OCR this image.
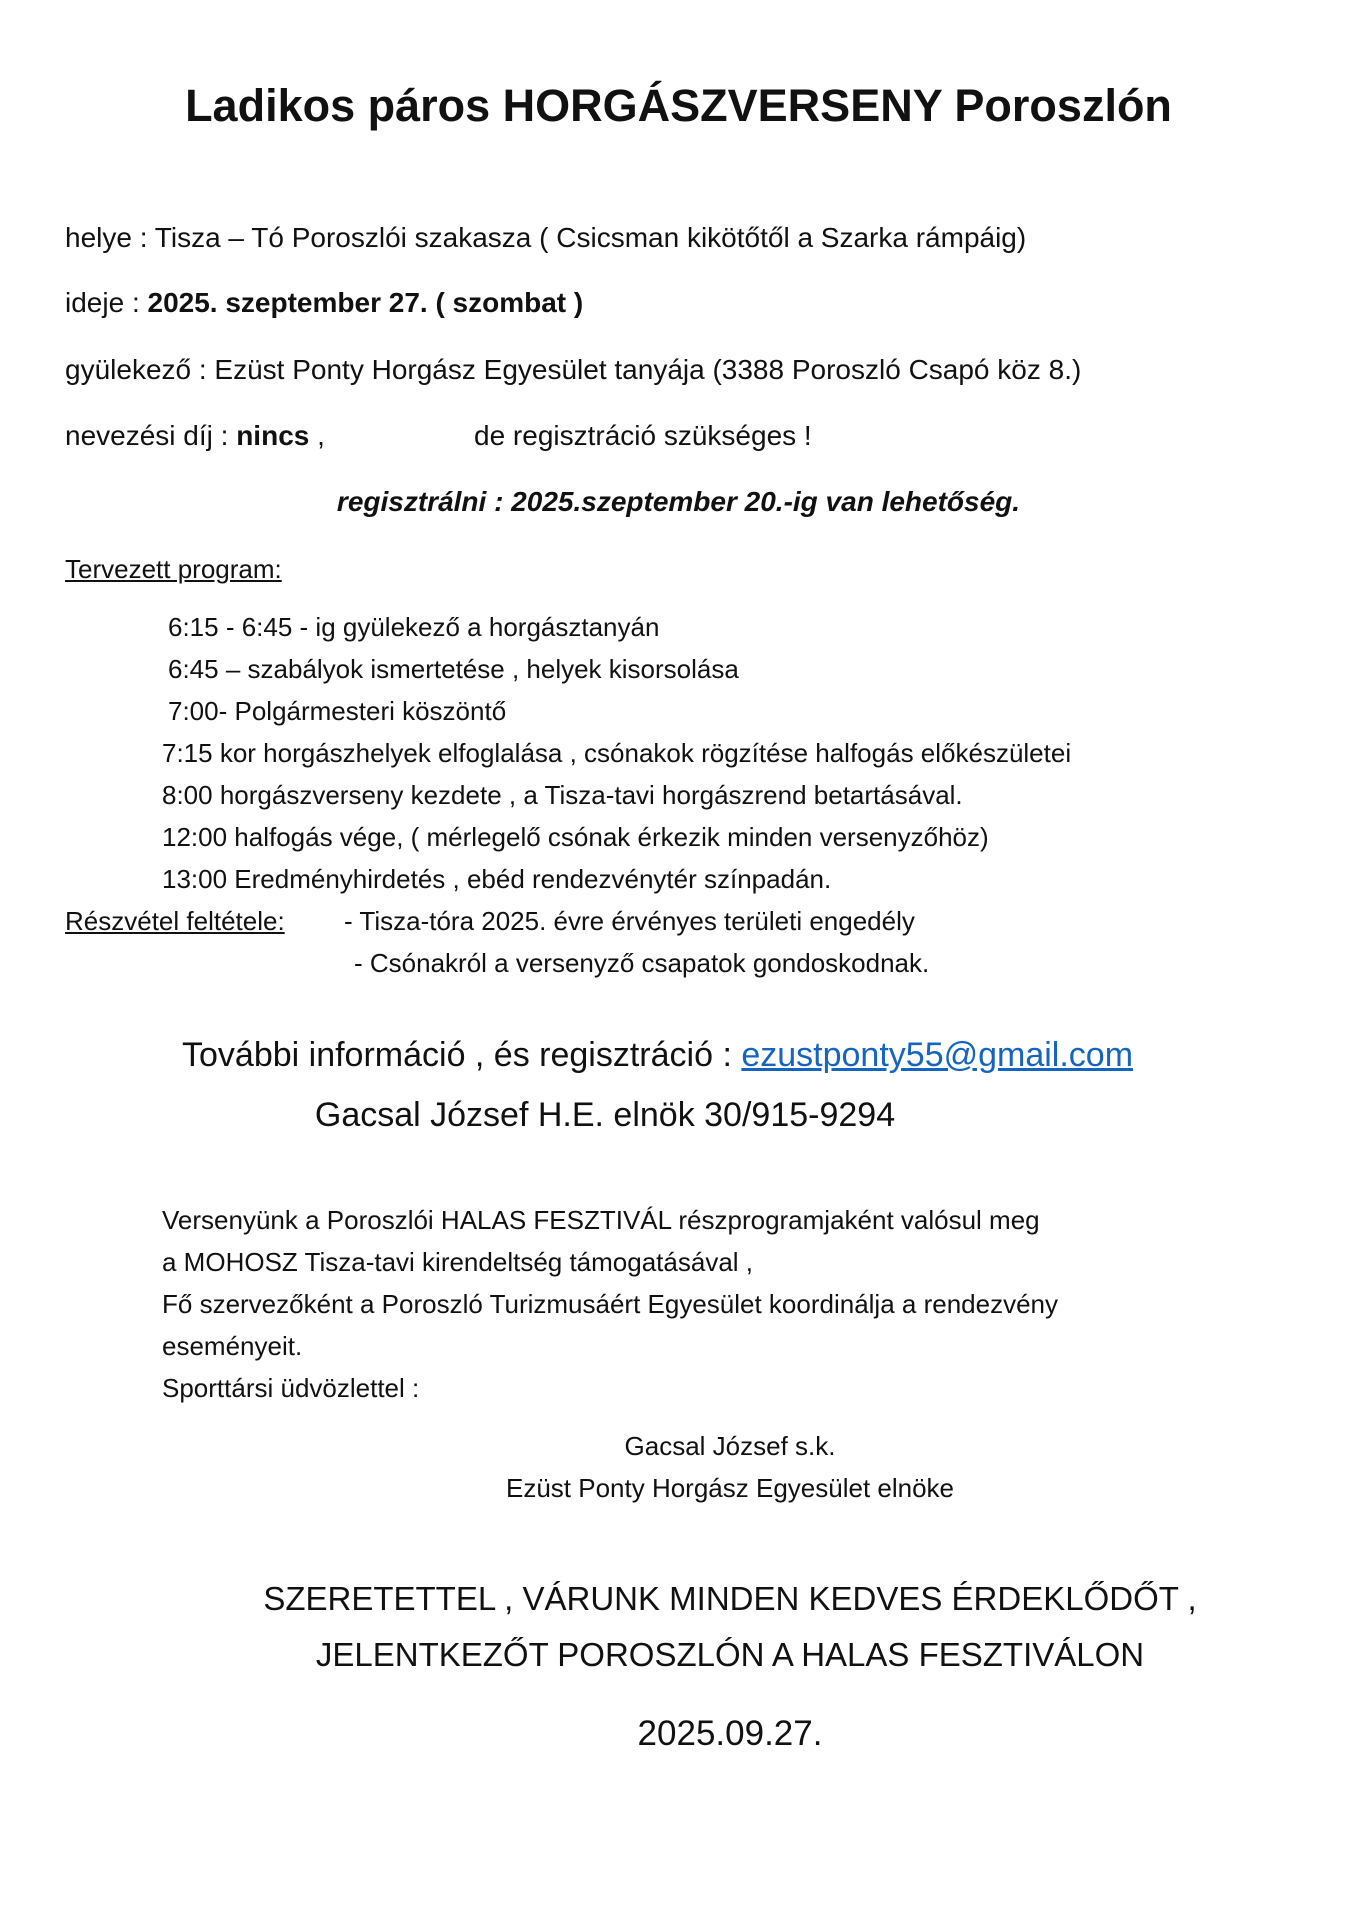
Ladikos páros HORGÁSZVERSENY Poroszlón
helye : Tisza – Tó Poroszlói szakasza ( Csicsman kikötőtől a Szarka rámpáig)
ideje : 2025. szeptember 27. ( szombat )
gyülekező : Ezüst Ponty Horgász Egyesület tanyája (3388 Poroszló Csapó köz 8.)
nevezési díj : nincs ,	de regisztráció szükséges !
regisztrálni : 2025.szeptember 20.-ig van lehetőség.
Tervezett program:
6:15 - 6:45 - ig gyülekező a horgásztanyán
6:45 – szabályok ismertetése , helyek kisorsolása
7:00- Polgármesteri köszöntő
7:15 kor horgászhelyek elfoglalása , csónakok rögzítése halfogás előkészületei
8:00 horgászverseny kezdete , a Tisza-tavi horgászrend betartásával.
12:00 halfogás vége, ( mérlegelő csónak érkezik minden versenyzőhöz)
13:00 Eredményhirdetés , ebéd rendezvénytér színpadán.
Részvétel feltétele: - Tisza-tóra 2025. évre érvényes területi engedély
- Csónakról a versenyző csapatok gondoskodnak.
További információ , és regisztráció : ezustponty55@gmail.com
Gacsal József H.E. elnök 30/915-9294
Versenyünk a Poroszlói HALAS FESZTIVÁL részprogramjaként valósul meg
a MOHOSZ Tisza-tavi kirendeltség támogatásával ,
Fő szervezőként a Poroszló Turizmusáért Egyesület koordinálja a rendezvény
eseményeit.
Sporttársi üdvözlettel :
Gacsal József s.k.
Ezüst Ponty Horgász Egyesület elnöke
SZERETETTEL , VÁRUNK MINDEN KEDVES ÉRDEKLŐDŐT ,
JELENTKEZŐT POROSZLÓN A HALAS FESZTIVÁLON
2025.09.27.
